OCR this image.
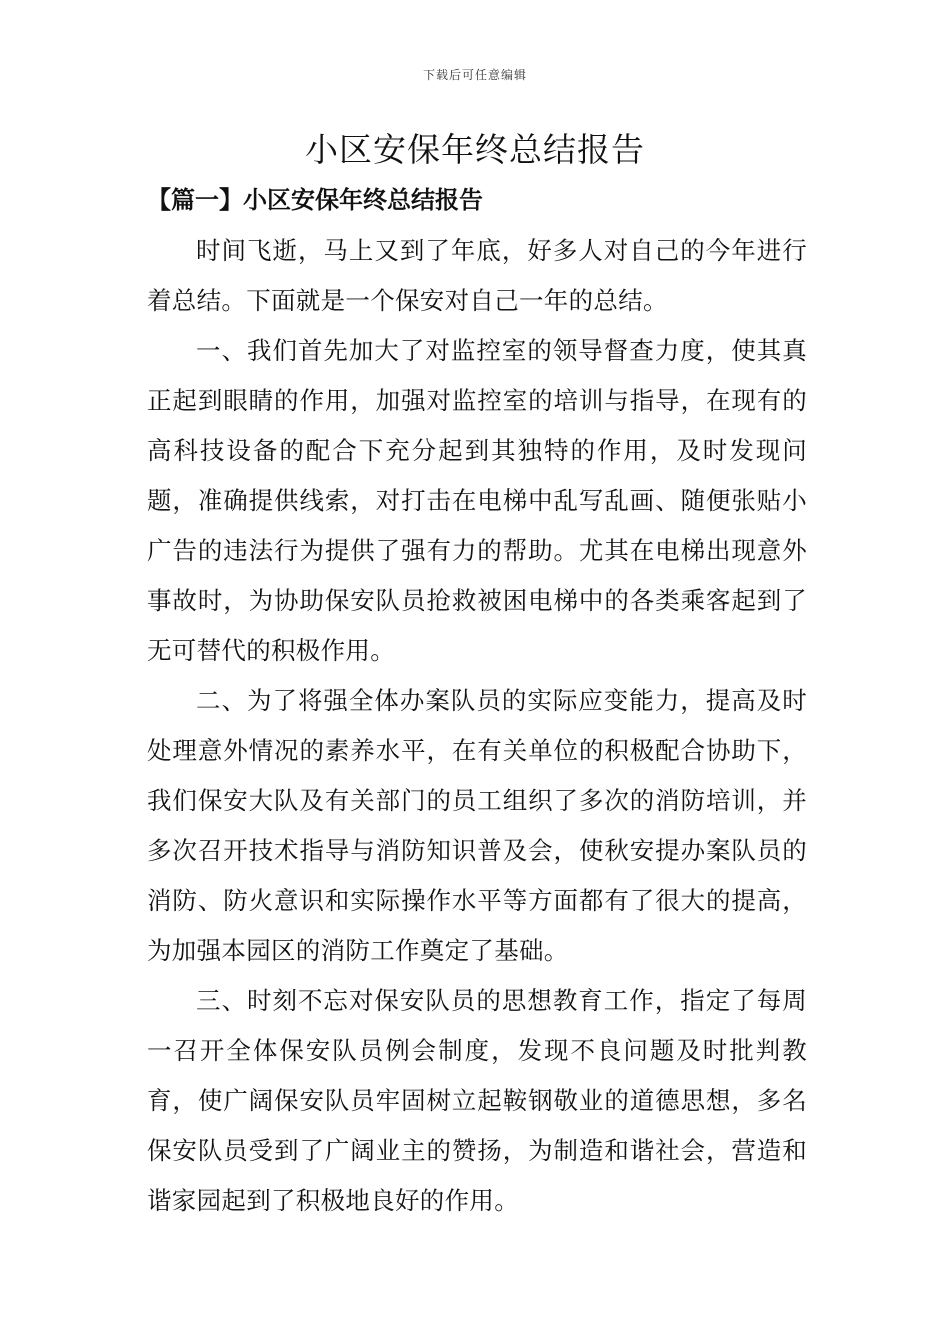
下载后可任意编辑
小区安保年终总结报告
【篇一】小区安保年终总结报告

时间飞逝，马上又到了年底，好多人对自己的今年进行着总结。下面就是一个保安对自己一年的总结。

一、我们首先加大了对监控室的领导督查力度，使其真正起到眼睛的作用，加强对监控室的培训与指导，在现有的高科技设备的配合下充分起到其独特的作用，及时发现问题，准确提供线索，对打击在电梯中乱写乱画、随便张贴小广告的违法行为提供了强有力的帮助。尤其在电梯出现意外事故时，为协助保安队员抢救被困电梯中的各类乘客起到了无可替代的积极作用。

二、为了将强全体办案队员的实际应变能力，提高及时处理意外情况的素养水平，在有关单位的积极配合协助下，我们保安大队及有关部门的员工组织了多次的消防培训，并多次召开技术指导与消防知识普及会，使秋安提办案队员的消防、防火意识和实际操作水平等方面都有了很大的提高，为加强本园区的消防工作奠定了基础。

三、时刻不忘对保安队员的思想教育工作，指定了每周一召开全体保安队员例会制度，发现不良问题及时批判教育，使广阔保安队员牢固树立起鞍钢敬业的道德思想，多名保安队员受到了广阔业主的赞扬，为制造和谐社会，营造和谐家园起到了积极地良好的作用。
